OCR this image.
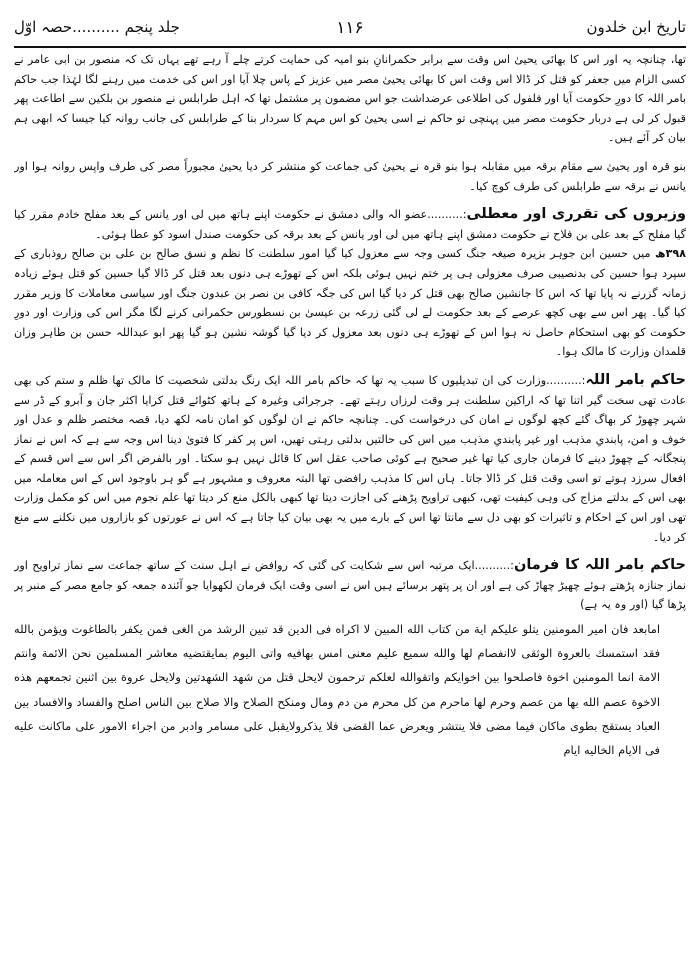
تاریخ ابن خلدون
۱۱۶
جلد پنجم ..........حصہ اوّل

تھا، چنانچہ یہ اور اس کا بھائی یحییٰ اس وقت سے برابر حکمرانانِ بنو امیہ کی حمایت کرتے چلے آ رہے تھے یہاں تک کہ منصور بن ابی عامر نے کسی الزام میں جعفر کو قتل کر ڈالا اس وقت اس کا بھائی یحییٰ مصر میں عزیز کے پاس چلا آیا اور اس کی خدمت میں رہنے لگا لہٰذا جب حاکم بامر اللہ کا دورِ حکومت آیا اور فلفول کی اطلاعی عرضداشت جو اس مضمون پر مشتمل تھا کہ اہل طرابلس نے منصور بن بلکین سے اطاعت پھر قبول کر لی ہے دربار حکومت مصر میں پہنچی تو حاکم نے اسی یحییٰ کو اس مہم کا سردار بنا کے طرابلس کی جانب روانہ کیا جیسا کہ ابھی ہم بیان کر آئے ہیں۔

بنو قرہ اور یحییٰ سے مقام برقہ میں مقابلہ ہوا بنو قرہ نے یحییٰ کی جماعت کو منتشر کر دیا یحییٰ مجبوراً مصر کی طرف واپس روانہ ہوا اور یانس نے برقہ سے طرابلس کی طرف کوچ کیا۔

وزیروں کی تقرری اور معطلی:..........عضو الہ والی دمشق نے حکومت اپنے ہاتھ میں لی اور یانس کے بعد مفلح خادم مقرر کیا گیا مفلح کے بعد علی بن فلاح نے حکومت دمشق اپنے ہاتھ میں لی اور یانس کے بعد برقہ کی حکومت صندل اسود کو عطا ہوئی۔

۳۹۸ھ میں حسین ابن جوہر بزیرہ صیغہ جنگ کسی وجہ سے معزول کیا گیا امور سلطنت کا نظم و نسق صالح بن علی بن صالح روذباری کے سپرد ہوا حسین کی بدنصیبی صرف معزولی ہی پر ختم نہیں ہوئی بلکہ اس کے تھوڑے ہی دنوں بعد قتل کر ڈالا گیا حسین کو قتل ہوئے زیادہ زمانہ گزرنے نہ پایا تھا کہ اس کا جانشین صالح بھی قتل کر دیا گیا اس کی جگہ کافی بن نصر بن عبدون جنگ اور سیاسی معاملات کا وزیر مقرر کیا گیا۔ پھر اس سے بھی کچھ عرصے کے بعد حکومت لے لی گئی زرعہ بن عیسیٰ بن نسطورس حکمرانی کرنے لگا مگر اس کی وزارت اور دورِ حکومت کو بھی استحکام حاصل نہ ہوا اس کے تھوڑے ہی دنوں بعد معزول کر دیا گیا گوشہ نشین ہو گیا پھر ابو عبداللہ حسن بن طاہر وزان قلمدان وزارت کا مالک ہوا۔

حاکم بامر اللہ:..........وزارت کی ان تبدیلیوں کا سبب یہ تھا کہ حاکم بامر اللہ ایک رنگ بدلتی شخصیت کا مالک تھا ظلم و ستم کی بھی عادت تھی سخت گیر اتنا تھا کہ اراکین سلطنت ہر وقت لرزاں رہتے تھے۔ جرجرائی وغیرہ کے ہاتھ کٹوائے قتل کرایا اکثر جان و آبرو کے ڈر سے شہر چھوڑ کر بھاگ گئے کچھ لوگوں نے امان کی درخواست کی۔ چنانچہ حاکم نے ان لوگوں کو امان نامہ لکھ دیا، قصہ مختصر ظلم و عدل اور خوف و امن، پابندیِ مذہب اور غیر پابندیِ مذہب میں اس کی حالتیں بدلتی رہتی تھیں، اس پر کفر کا فتویٰ دینا اس وجہ سے ہے کہ اس نے نماز پنجگانہ کے چھوڑ دینے کا فرمان جاری کیا تھا غیر صحیح ہے کوئی صاحب عقل اس کا قائل نہیں ہو سکتا۔ اور بالفرض اگر اس سے اس قسم کے افعال سرزد ہوتے تو اسی وقت قتل کر ڈالا جاتا۔ ہاں اس کا مذہب رافضی تھا البتہ معروف و مشہور ہے گو ہر باوجود اس کے اس معاملہ میں بھی اس کے بدلتے مزاج کی وہی کیفیت تھی، کبھی تراویح پڑھنے کی اجازت دیتا تھا کبھی بالکل منع کر دیتا تھا علم نجوم میں اس کو مکمل وزارت تھی اور اس کے احکام و تاثیرات کو بھی دل سے مانتا تھا اس کے بارے میں یہ بھی بیان کیا جاتا ہے کہ اس نے عورتوں کو بازاروں میں نکلنے سے منع کر دیا۔

حاکم بامر اللہ کا فرمان:..........ایک مرتبہ اس سے شکایت کی گئی کہ روافض نے اہل سنت کے ساتھ جماعت سے نماز تراویح اور نماز جنازہ پڑھتے ہوئے چھیڑ چھاڑ کی ہے اور ان پر پتھر برسائے ہیں اس نے اسی وقت ایک فرمان لکھوایا جو آئندہ جمعہ کو جامع مصر کے منبر پر پڑھا گیا (اور وہ یہ ہے)

امابعد فان امیر المومنین یتلو علیکم ایة من کتاب الله المبین لا اکراه فی الدین قد تبین الرشد من الغی فمن یکفر بالطاغوت ویؤمن بالله فقد استمسك بالعروة الوثقی لاانفصام لها والله سمیع علیم معنی امس بهافیه واتی الیوم بمایقتضیه معاشر المسلمین نحن الائمة وانتم الامة انما المومنین اخوة فاصلحوا بین اخوایکم واتقوالله لعلکم ترحمون لایحل قتل من شهد الشهدتین ولایحل عروة بین اثنین تجمعهم هذه الاخوة عصم الله بها من عصم وحرم لها ماحرم من کل محرم من دم ومال ومنکح الصلاح والا صلاح بین الناس اصلح والفساد والافساد بین العباد یستقج بطوی ماکان فیما مضی فلا ینتشر ویعرض عما القضی فلا یذکرولایقبل علی مسامر وادبر من اجراء الامور علی ماکانت علیه فی الایام الخالیه ایام
